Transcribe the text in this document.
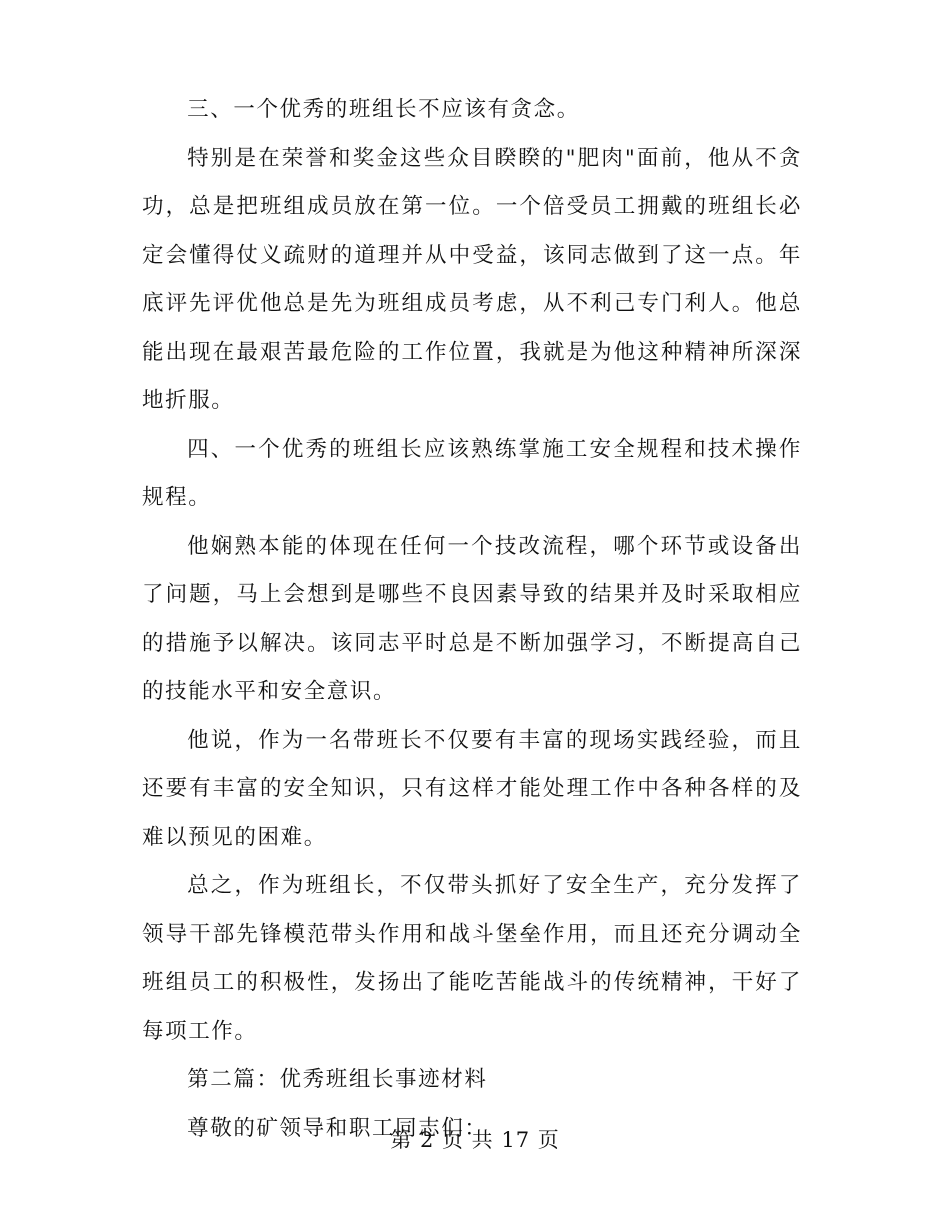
三、一个优秀的班组长不应该有贪念。

特别是在荣誉和奖金这些众目睽睽的"肥肉"面前，他从不贪功，总是把班组成员放在第一位。一个倍受员工拥戴的班组长必定会懂得仗义疏财的道理并从中受益，该同志做到了这一点。年底评先评优他总是先为班组成员考虑，从不利己专门利人。他总能出现在最艰苦最危险的工作位置，我就是为他这种精神所深深地折服。

四、一个优秀的班组长应该熟练掌施工安全规程和技术操作规程。

他娴熟本能的体现在任何一个技改流程，哪个环节或设备出了问题，马上会想到是哪些不良因素导致的结果并及时采取相应的措施予以解决。该同志平时总是不断加强学习，不断提高自己的技能水平和安全意识。

他说，作为一名带班长不仅要有丰富的现场实践经验，而且还要有丰富的安全知识，只有这样才能处理工作中各种各样的及难以预见的困难。

总之，作为班组长，不仅带头抓好了安全生产，充分发挥了领导干部先锋模范带头作用和战斗堡垒作用，而且还充分调动全班组员工的积极性，发扬出了能吃苦能战斗的传统精神，干好了每项工作。

第二篇：优秀班组长事迹材料

尊敬的矿领导和职工同志们：

第 2 页 共 17 页
